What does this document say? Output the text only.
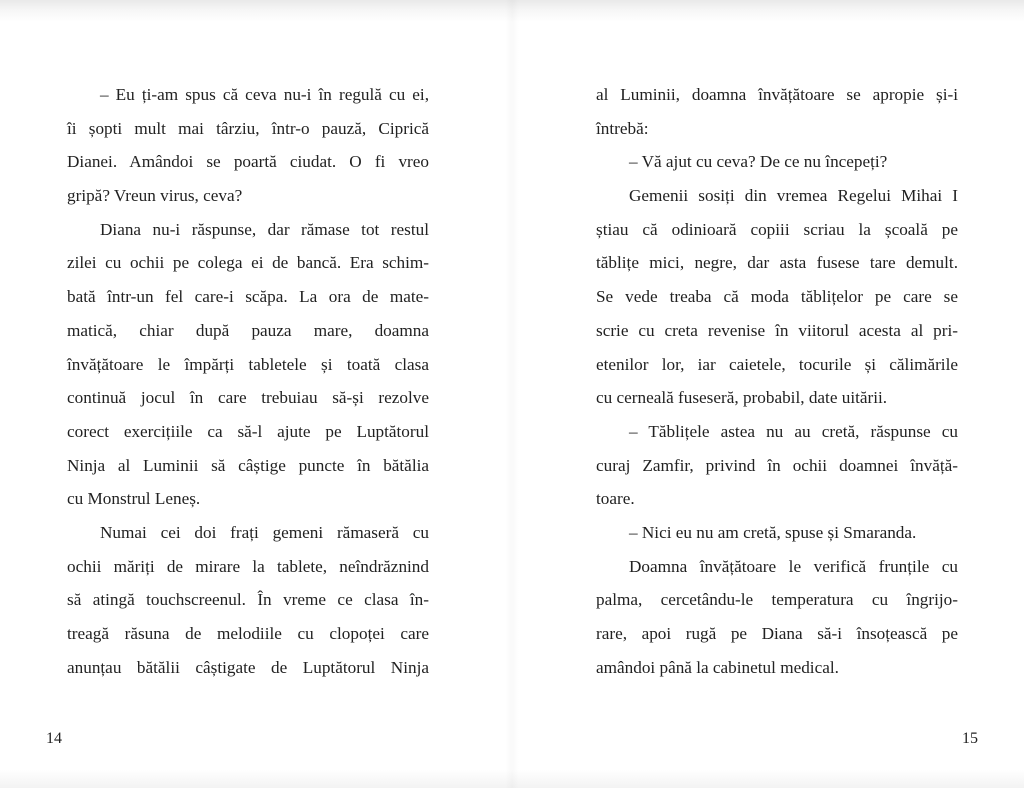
– Eu ți-am spus că ceva nu-i în regulă cu ei,
îi șopti mult mai târziu, într-o pauză, Ciprică
Dianei. Amândoi se poartă ciudat. O fi vreo
gripă? Vreun virus, ceva?
Diana nu-i răspunse, dar rămase tot restul
zilei cu ochii pe colega ei de bancă. Era schim-
bată într-un fel care-i scăpa. La ora de mate-
matică, chiar după pauza mare, doamna
învățătoare le împărți tabletele și toată clasa
continuă jocul în care trebuiau să-și rezolve
corect exercițiile ca să-l ajute pe Luptătorul
Ninja al Luminii să câștige puncte în bătălia
cu Monstrul Leneș.
Numai cei doi frați gemeni rămaseră cu
ochii măriți de mirare la tablete, neîndrăznind
să atingă touchscreenul. În vreme ce clasa în-
treagă răsuna de melodiile cu clopoței care
anunțau bătălii câștigate de Luptătorul Ninja
al Luminii, doamna învățătoare se apropie și-i
întrebă:
– Vă ajut cu ceva? De ce nu începeți?
Gemenii sosiți din vremea Regelui Mihai I
știau că odinioară copiii scriau la școală pe
tăblițe mici, negre, dar asta fusese tare demult.
Se vede treaba că moda tăblițelor pe care se
scrie cu creta revenise în viitorul acesta al pri-
etenilor lor, iar caietele, tocurile și călimările
cu cerneală fuseseră, probabil, date uitării.
– Tăblițele astea nu au cretă, răspunse cu
curaj Zamfir, privind în ochii doamnei învăță-
toare.
– Nici eu nu am cretă, spuse și Smaranda.
Doamna învățătoare le verifică frunțile cu
palma, cercetându-le temperatura cu îngrijo-
rare, apoi rugă pe Diana să-i însoțească pe
amândoi până la cabinetul medical.
14	15
